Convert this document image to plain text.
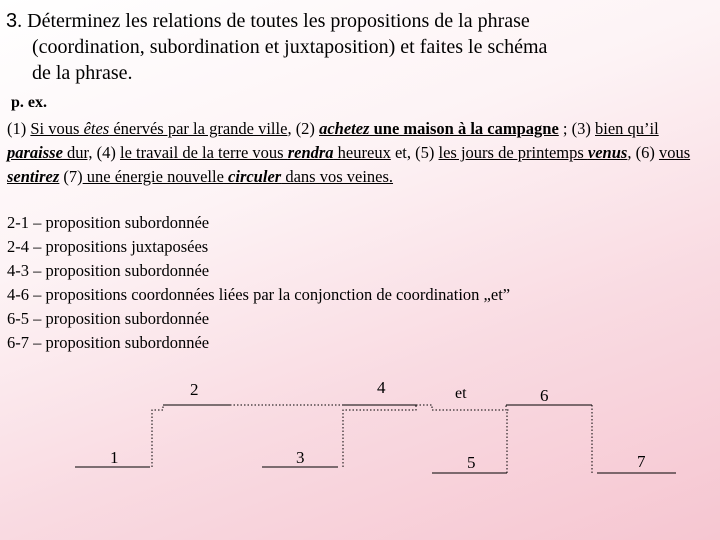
3. Déterminez les relations de toutes les propositions de la phrase
(coordination, subordination et juxtaposition) et faites le schéma
de la phrase.
p. ex.
(1) Si vous êtes énervés par la grande ville, (2) achetez une maison à la campagne ; (3) bien qu’il paraisse dur, (4) le travail de la terre vous rendra heureux et, (5) les jours de printemps venus, (6) vous sentirez (7) une énergie nouvelle circuler dans vos veines.
2-1 – proposition subordonnée
2-4 – propositions juxtaposées
4-3 – proposition subordonnée
4-6 – propositions coordonnées liées par la conjonction de coordination „et”
6-5 – proposition subordonnée
6-7 – proposition subordonnée
2	4	et	6
1	3	5	7
